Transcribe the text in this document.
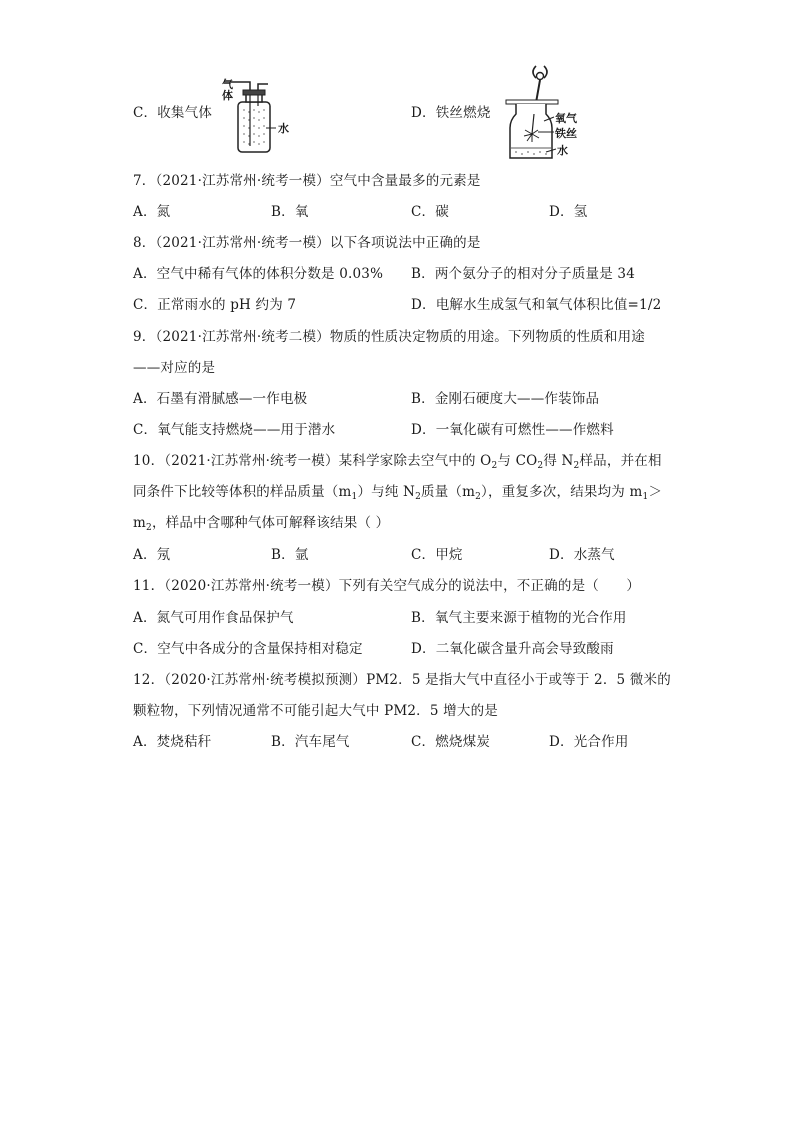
C．收集气体
气体
水
D．铁丝燃烧	氧气
铁丝
水
7．（2021·江苏常州·统考一模）空气中含量最多的元素是
A．氮	B．氧	C．碳	D．氢
8．（2021·江苏常州·统考一模）以下各项说法中正确的是
A．空气中稀有气体的体积分数是 0.03% B．两个氨分子的相对分子质量是 34
C．正常雨水的 pH 约为 7	D．电解水生成氢气和氧气体积比值=1/2
9．（2021·江苏常州·统考二模）物质的性质决定物质的用途。下列物质的性质和用途
——对应的是
A．石墨有滑腻感—一作电极	B．金刚石硬度大——作装饰品
C．氧气能支持燃烧——用于潜水	D．一氧化碳有可燃性——作燃料
10．（2021·江苏常州·统考一模）某科学家除去空气中的 $O_2$与 $CO_2$得 $N_2$样品，并在相
同条件下比较等体积的样品质量$(m_1)$与纯 $N_2$质量$(m_2)$，重复多次，结果均为 $m_1>$
$m_2$，样品中含哪种气体可解释该结果（ ）
A．氖	B．氩	C．甲烷	D．水蒸气
11．（2020·江苏常州·统考一模）下列有关空气成分的说法中，不正确的是（　　）
A．氮气可用作食品保护气	B．氧气主要来源于植物的光合作用
C．空气中各成分的含量保持相对稳定	D．二氧化碳含量升高会导致酸雨
12．（2020·江苏常州·统考模拟预测）PM2．5 是指大气中直径小于或等于 2．5 微米的
颗粒物，下列情况通常不可能引起大气中 PM2．5 增大的是
A．焚烧秸秆	B．汽车尾气	C．燃烧煤炭	D．光合作用
